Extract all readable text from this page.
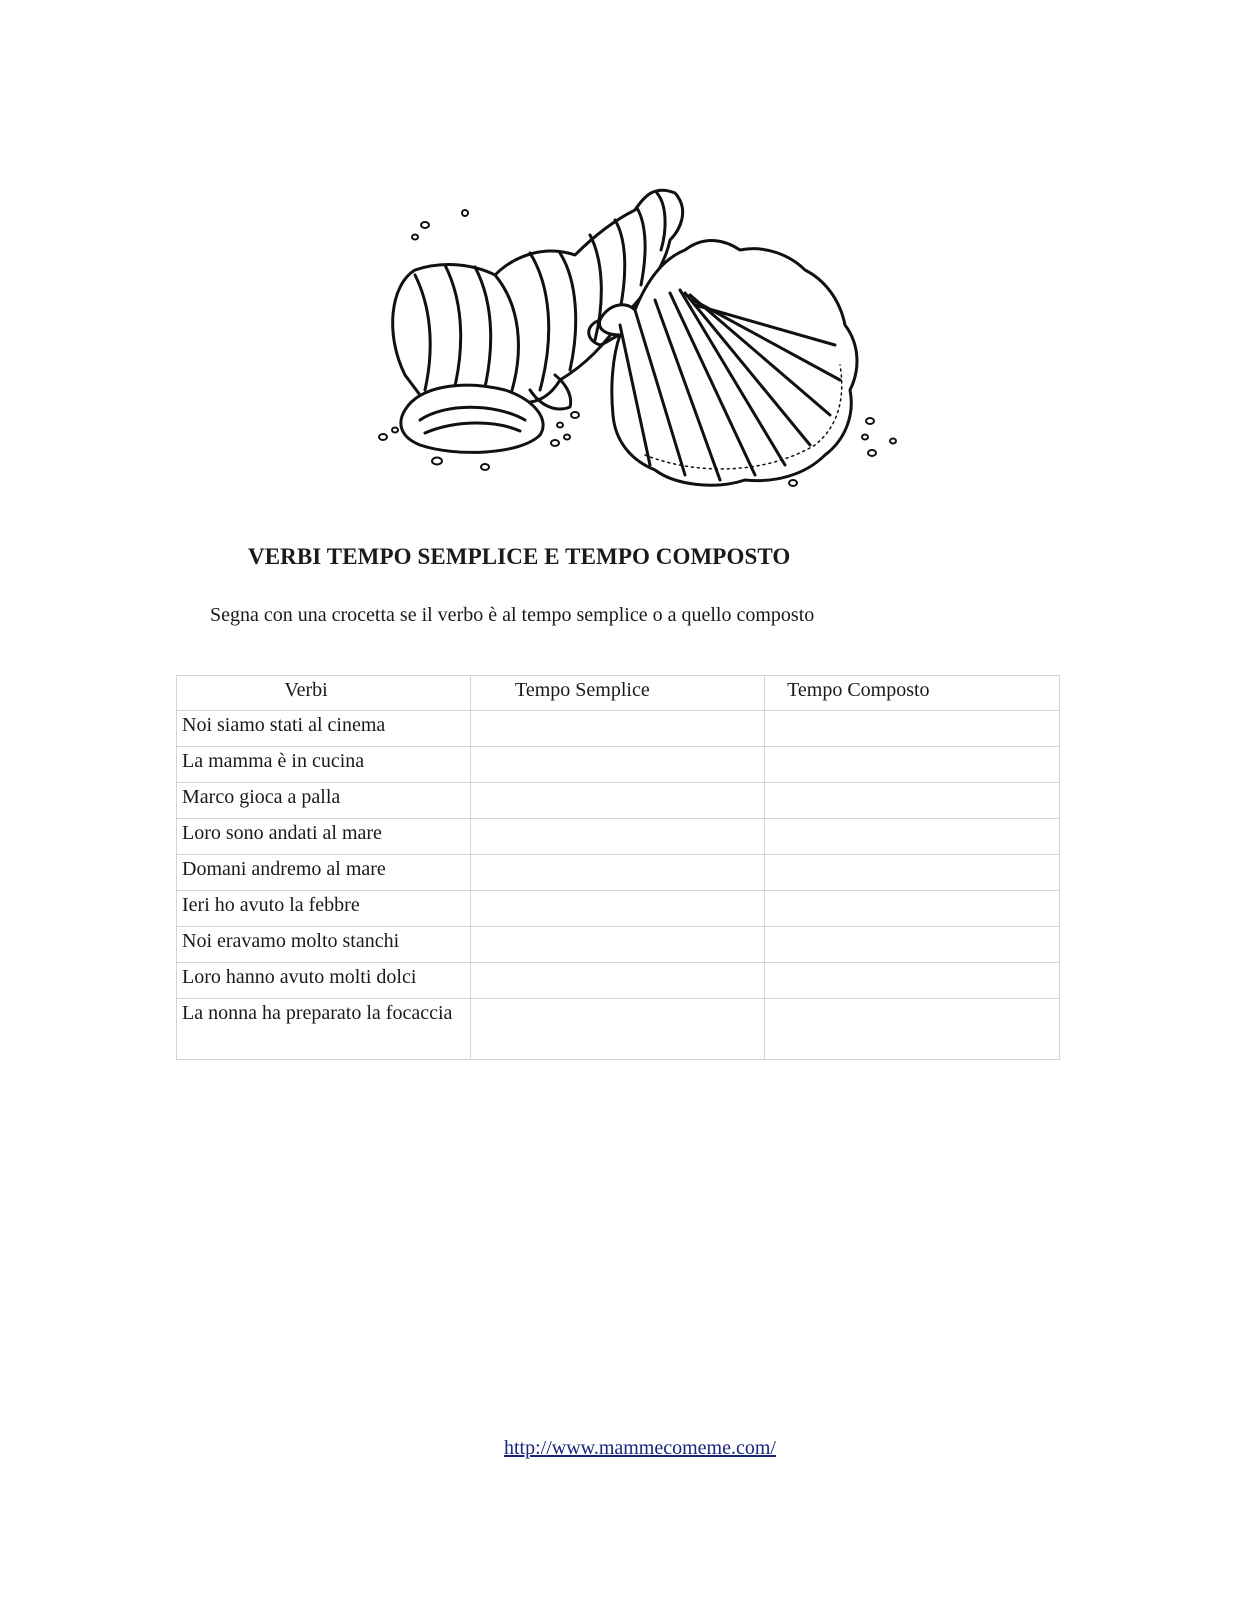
VERBI TEMPO SEMPLICE E TEMPO COMPOSTO

Segna con una crocetta se il verbo è al tempo semplice o a quello composto

Verbi	Tempo Semplice	Tempo Composto
Noi siamo stati al cinema		
La mamma è in cucina		
Marco gioca a palla		
Loro sono andati al mare		
Domani andremo al mare		
Ieri ho avuto la febbre		
Noi eravamo molto stanchi		
Loro hanno avuto molti dolci		
La nonna ha preparato la focaccia		
http://www.mammecomeme.com/
